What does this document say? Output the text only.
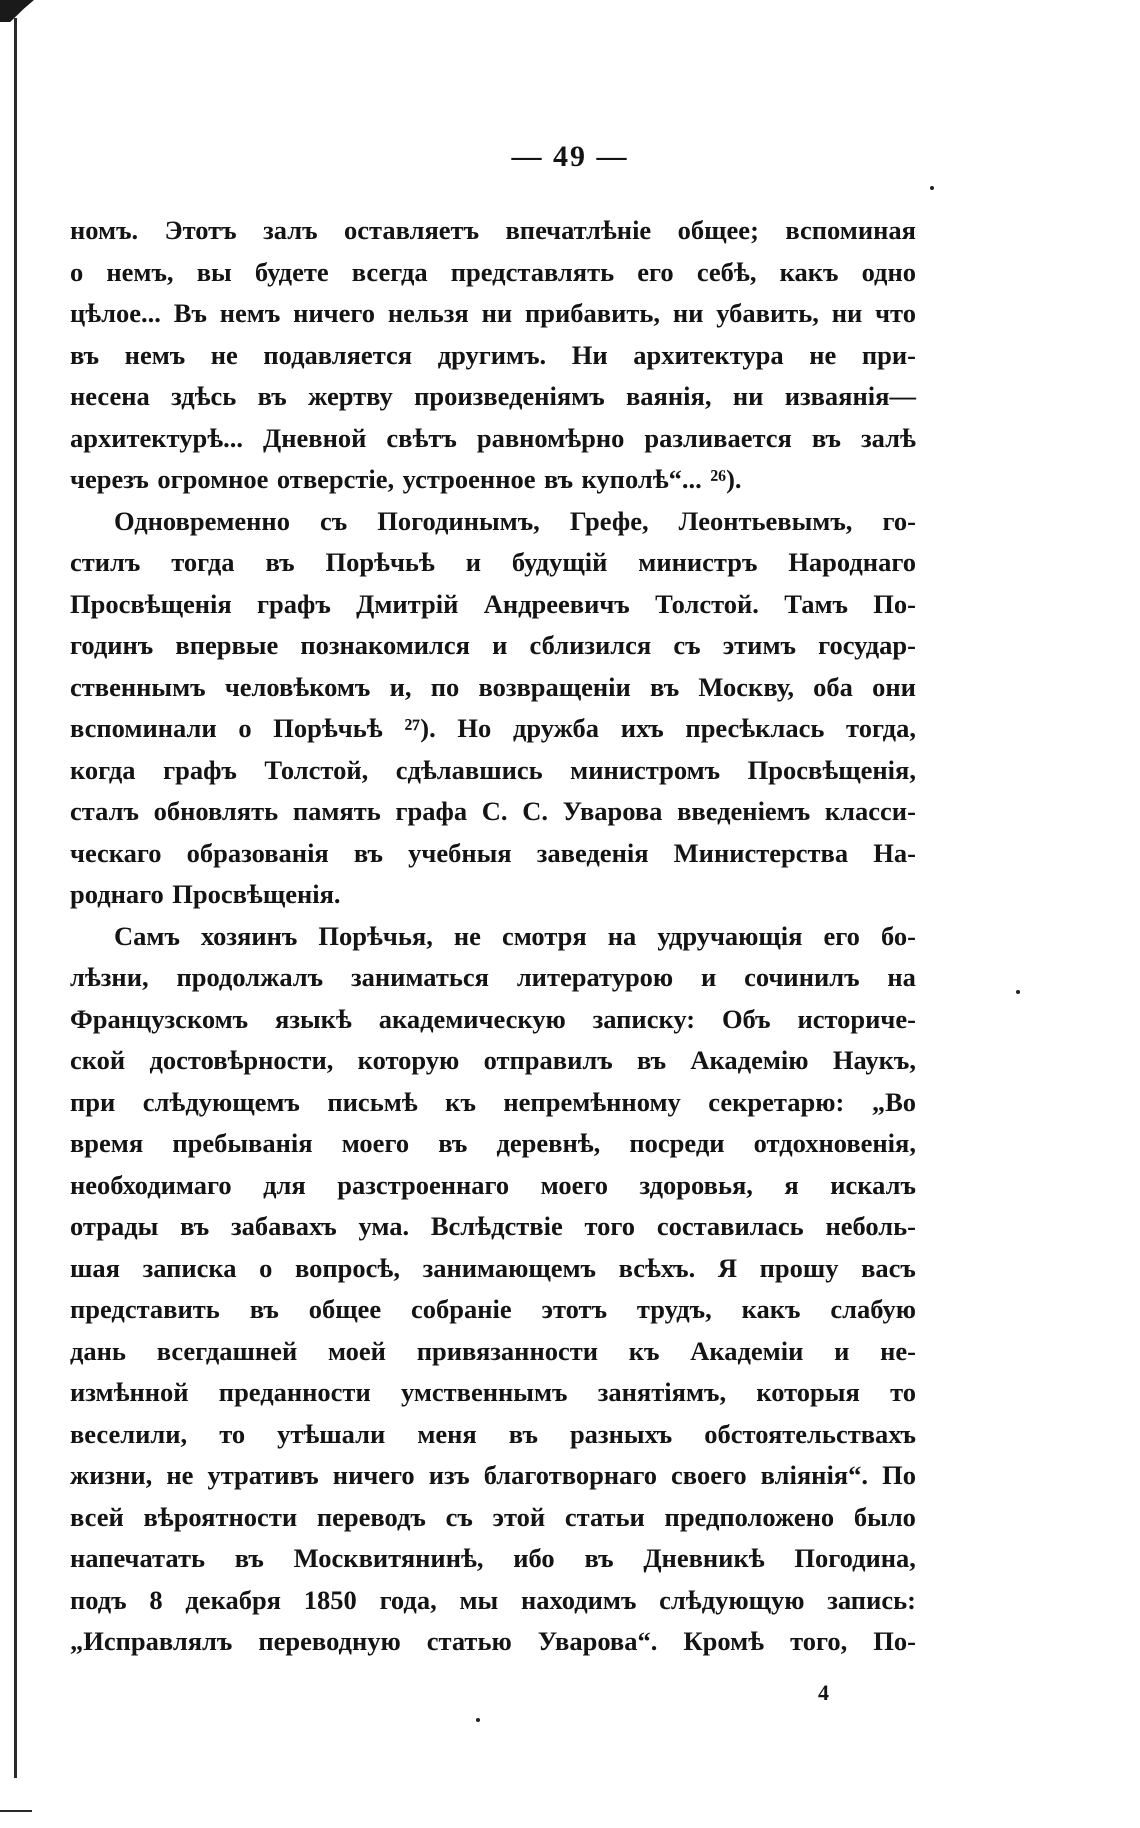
— 49 —
номъ. Этотъ залъ оставляетъ впечатлѣніе общее; вспоминая
о немъ, вы будете всегда представлять его себѣ, какъ одно
цѣлое... Въ немъ ничего нельзя ни прибавить, ни убавить, ни что
въ немъ не подавляется другимъ. Ни архитектура не при-
несена здѣсь въ жертву произведеніямъ ваянія, ни изваянія—
архитектурѣ... Дневной свѣтъ равномѣрно разливается въ залѣ
черезъ огромное отверстіе, устроенное въ куполѣ“... ²⁶).
Одновременно съ Погодинымъ, Грефе, Леонтьевымъ, го-
стилъ тогда въ Порѣчьѣ и будущій министръ Народнаго
Просвѣщенія графъ Дмитрій Андреевичъ Толстой. Тамъ По-
годинъ впервые познакомился и сблизился съ этимъ государ-
ственнымъ человѣкомъ и, по возвращеніи въ Москву, оба они
вспоминали о Порѣчьѣ ²⁷). Но дружба ихъ пресѣклась тогда,
когда графъ Толстой, сдѣлавшись министромъ Просвѣщенія,
сталъ обновлять память графа С. С. Уварова введеніемъ класси-
ческаго образованія въ учебныя заведенія Министерства На-
роднаго Просвѣщенія.
Самъ хозяинъ Порѣчья, не смотря на удручающія его бо-
лѣзни, продолжалъ заниматься литературою и сочинилъ на
Французскомъ языкѣ академическую записку: Объ историче-
ской достовѣрности, которую отправилъ въ Академію Наукъ,
при слѣдующемъ письмѣ къ непремѣнному секретарю: „Во
время пребыванія моего въ деревнѣ, посреди отдохновенія,
необходимаго для разстроеннаго моего здоровья, я искалъ
отрады въ забавахъ ума. Вслѣдствіе того составилась неболь-
шая записка о вопросѣ, занимающемъ всѣхъ. Я прошу васъ
представить въ общее собраніе этотъ трудъ, какъ слабую
дань всегдашней моей привязанности къ Академіи и не-
измѣнной преданности умственнымъ занятіямъ, которыя то
веселили, то утѣшали меня въ разныхъ обстоятельствахъ
жизни, не утративъ ничего изъ благотворнаго своего вліянія“. По
всей вѣроятности переводъ съ этой статьи предположено было
напечатать въ Москвитянинѣ, ибо въ Дневникѣ Погодина,
подъ 8 декабря 1850 года, мы находимъ слѣдующую запись:
„Исправлялъ переводную статью Уварова“. Кромѣ того, По-
4
